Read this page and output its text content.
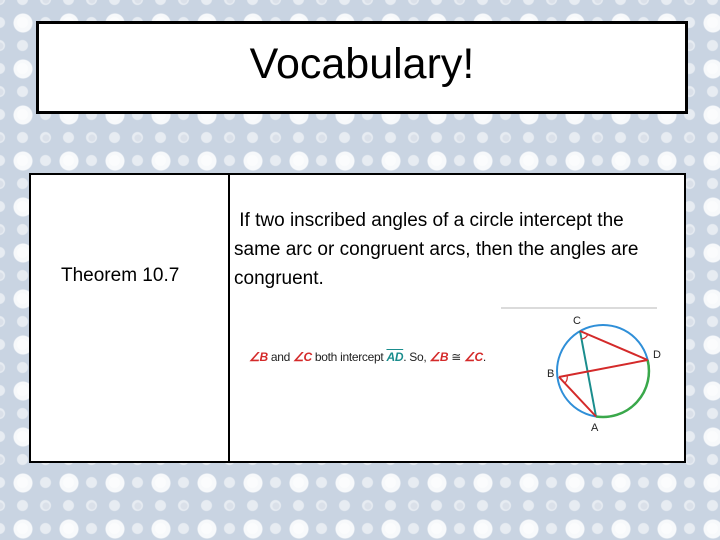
Vocabulary!
Theorem 10.7
If two inscribed angles of a circle intercept the same arc or congruent arcs, then the angles are congruent.
∠B and ∠C both intercept $\overline{AD}$. So, ∠B ≅ ∠C.
C
D
B
A
